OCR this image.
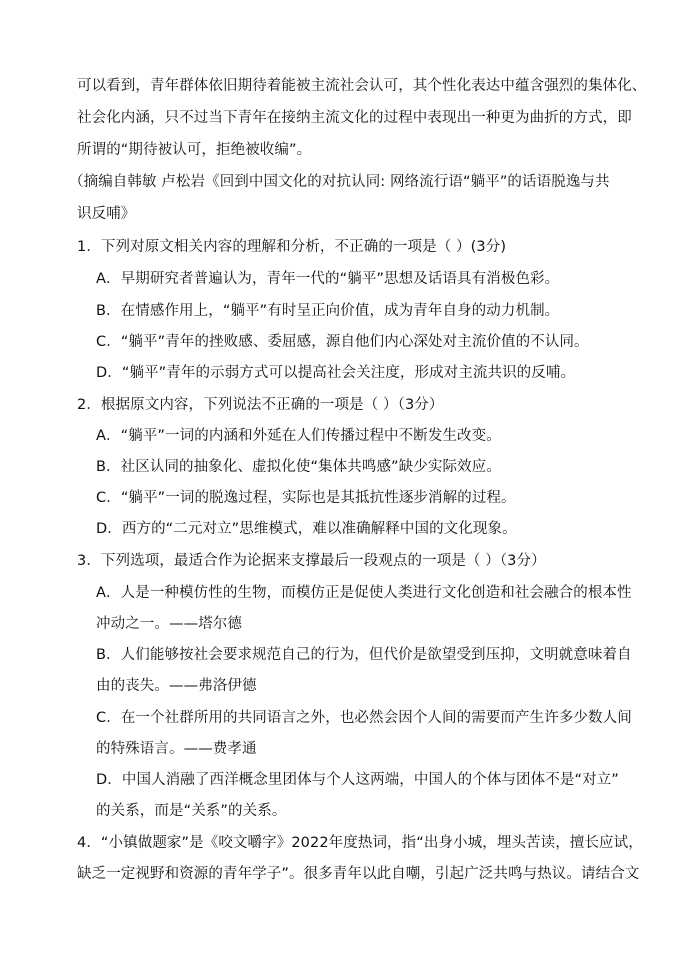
可以看到，青年群体依旧期待着能被主流社会认可，其个性化表达中蕴含强烈的集体化、
社会化内涵，只不过当下青年在接纳主流文化的过程中表现出一种更为曲折的方式，即
所谓的“期待被认可，拒绝被收编”。
（摘编自韩敏 卢松岩《回到中国文化的对抗认同: 网络流行语“躺平”的话语脱逸与共
识反哺》
1．下列对原文相关内容的理解和分析，不正确的一项是（ ）(3分)
A．早期研究者普遍认为，青年一代的“躺平”思想及话语具有消极色彩。
B．在情感作用上，“躺平”有时呈正向价值，成为青年自身的动力机制。
C．“躺平”青年的挫败感、委屈感，源自他们内心深处对主流价值的不认同。
D．“躺平”青年的示弱方式可以提高社会关注度，形成对主流共识的反哺。
2．根据原文内容，下列说法不正确的一项是（ ）（3分）
A．“躺平”一词的内涵和外延在人们传播过程中不断发生改变。
B．社区认同的抽象化、虚拟化使“集体共鸣感”缺少实际效应。
C．“躺平”一词的脱逸过程，实际也是其抵抗性逐步消解的过程。
D．西方的“二元对立”思维模式，难以准确解释中国的文化现象。
3．下列选项，最适合作为论据来支撑最后一段观点的一项是（ ）（3分）
A．人是一种模仿性的生物，而模仿正是促使人类进行文化创造和社会融合的根本性
冲动之一。——塔尔德
B．人们能够按社会要求规范自己的行为，但代价是欲望受到压抑，文明就意味着自
由的丧失。——弗洛伊德
C．在一个社群所用的共同语言之外，也必然会因个人间的需要而产生许多少数人间
的特殊语言。——费孝通
D．中国人消融了西洋概念里团体与个人这两端，中国人的个体与团体不是“对立”
的关系，而是“关系”的关系。
4．“小镇做题家”是《咬文嚼字》2022年度热词，指“出身小城，埋头苦读，擅长应试，
缺乏一定视野和资源的青年学子”。很多青年以此自嘲，引起广泛共鸣与热议。请结合文
